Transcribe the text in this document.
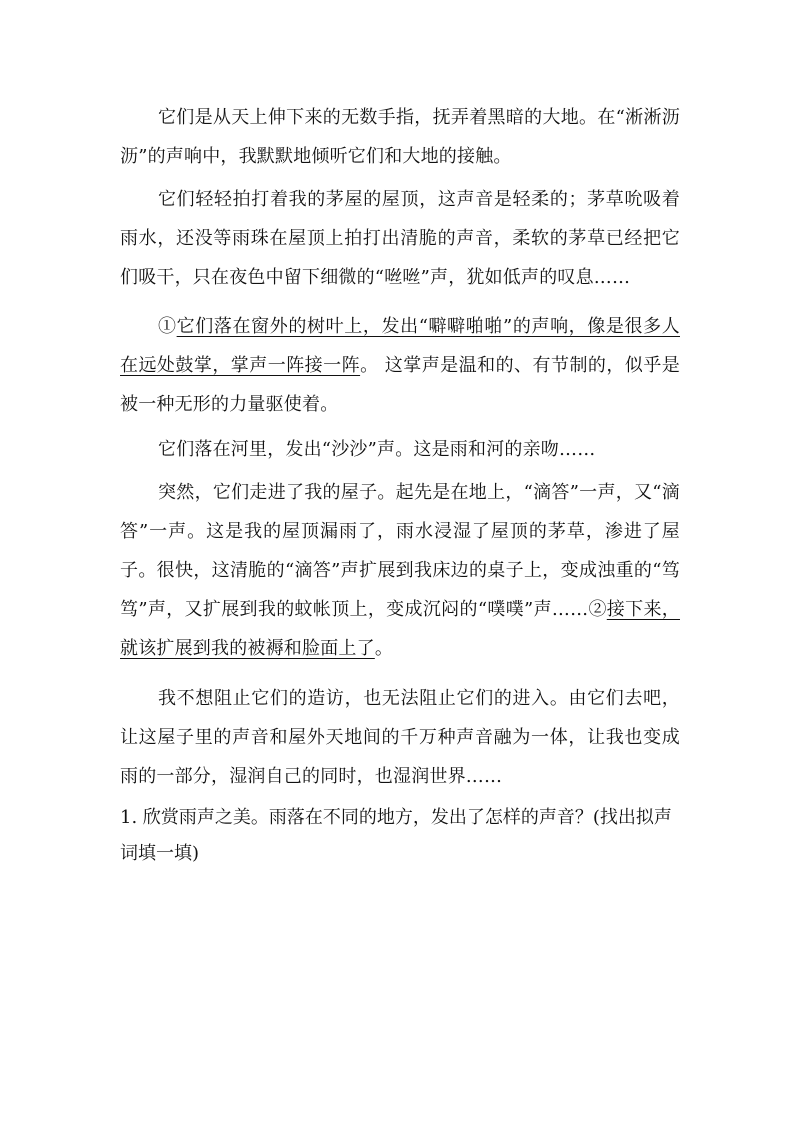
它们是从天上伸下来的无数手指，抚弄着黑暗的大地。在“淅淅沥沥”的声响中，我默默地倾听它们和大地的接触。

它们轻轻拍打着我的茅屋的屋顶，这声音是轻柔的；茅草吮吸着雨水，还没等雨珠在屋顶上拍打出清脆的声音，柔软的茅草已经把它们吸干，只在夜色中留下细微的“咝咝”声，犹如低声的叹息……

①它们落在窗外的树叶上，发出“噼噼啪啪”的声响，像是很多人在远处鼓掌，掌声一阵接一阵。 这掌声是温和的、有节制的，似乎是被一种无形的力量驱使着。

它们落在河里，发出“沙沙”声。这是雨和河的亲吻……

突然，它们走进了我的屋子。起先是在地上，“滴答”一声，又“滴答”一声。这是我的屋顶漏雨了，雨水浸湿了屋顶的茅草，渗进了屋子。很快，这清脆的“滴答”声扩展到我床边的桌子上，变成浊重的“笃笃”声，又扩展到我的蚊帐顶上，变成沉闷的“噗噗”声……②接下来，就该扩展到我的被褥和脸面上了。

我不想阻止它们的造访，也无法阻止它们的进入。由它们去吧，让这屋子里的声音和屋外天地间的千万种声音融为一体，让我也变成雨的一部分，湿润自己的同时，也湿润世界……

1. 欣赏雨声之美。雨落在不同的地方，发出了怎样的声音？(找出拟声词填一填)
